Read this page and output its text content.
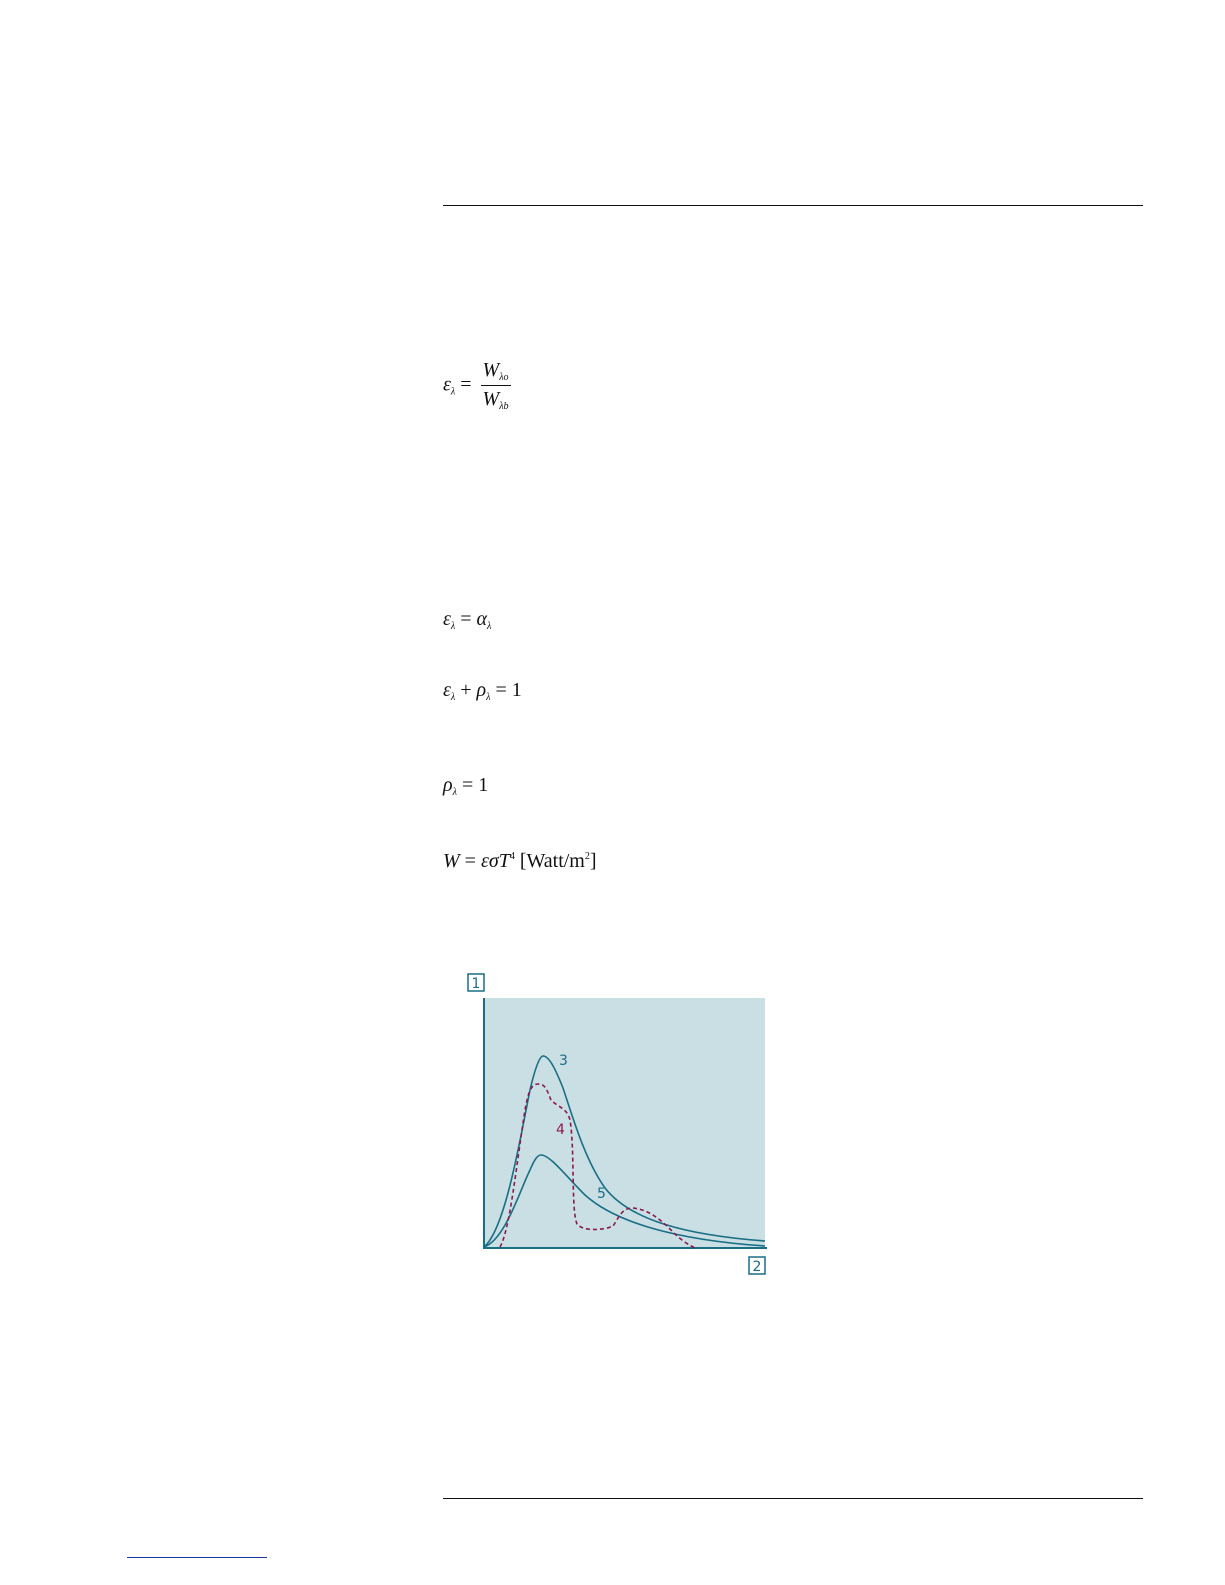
$\varepsilon_\lambda = \frac{W_{\lambda o}}{W_{\lambda b}}$
$\varepsilon_\lambda = \alpha_\lambda$
$\varepsilon_\lambda + \rho_\lambda = 1$
$\rho_\lambda = 1$
W = εσT$^4$ $[Watt/m^2]$
1
2
3
4
5
